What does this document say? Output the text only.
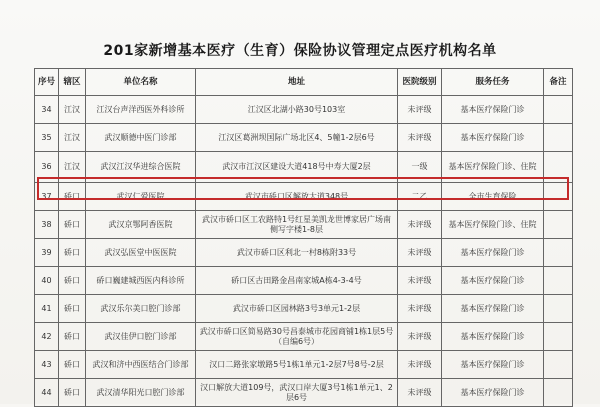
201家新增基本医疗（生育）保险协议管理定点医疗机构名单
序号	辖区	单位名称	地址	医院级别	服务任务	备注
34	江汉	江汉台声洋西医外科诊所	江汉区北湖小路30号103室	未评级	基本医疗保险门诊	
35	江汉	武汉顺德中医门诊部	江汉区葛洲坝国际广场北区4、5幢1-2层6号	未评级	基本医疗保险门诊	
36	江汉	武汉江汉华进综合医院	武汉市江汉区建设大道418号中寿大厦2层	一级	基本医疗保险门诊、住院	
37	硚口	武汉仁爱医院	武汉市硚口区解放大道348号	二乙	全市生育保险	
38	硚口	武汉京鄂阿香医院	武汉市硚口区工农路特1号红星美凯龙世博家居广场南侧写字楼1-8层	未评级	基本医疗保险门诊、住院	
39	硚口	武汉弘医堂中医医院	武汉市硚口区利北一村8栋附33号	未评级	基本医疗保险门诊	
40	硚口	硚口巍建城西医内科诊所	硚口区古田路金昌南家城A栋4-3-4号	未评级	基本医疗保险门诊	
41	硚口	武汉乐尔美口腔门诊部	武汉市硚口区园林路3号3单元1-2层	未评级	基本医疗保险门诊	
42	硚口	武汉佳伊口腔门诊部	武汉市硚口区简易路30号昌泰城市花园商铺1栋1层5号（自编6号）	未评级	基本医疗保险门诊	
43	硚口	武汉和济中西医结合门诊部	汉口二路张家墩路5号1栋1单元1-2层7号8号-2层	未评级	基本医疗保险门诊	
44	硚口	武汉清华阳光口腔门诊部	汉口解放大道109号，武汉口岸大厦3号1栋1单元1、2层6号	未评级	基本医疗保险门诊	
